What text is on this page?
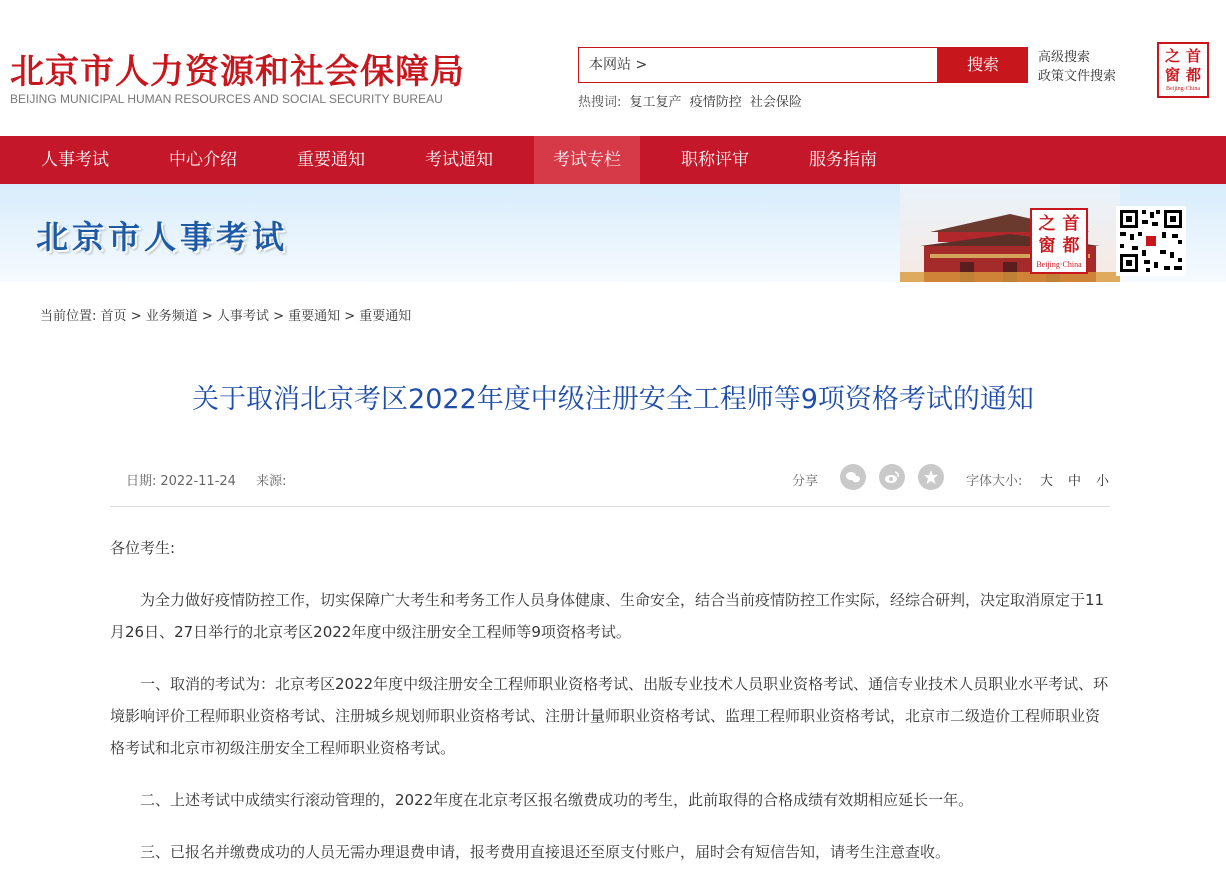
北京市人力资源和社会保障局
BEIJING MUNICIPAL HUMAN RESOURCES AND SOCIAL SECURITY BUREAU
本网站 >	搜索	高级搜索
政策文件搜索
热搜词: 复工复产 疫情防控 社会保险
之 首
窗 都
Beijing·China
人事考试	中心介绍	重要通知	考试通知	考试专栏	职称评审	服务指南
北京市人事考试	之 首
窗 都
Beijing·China
当前位置: 首页 > 业务频道 > 人事考试 > 重要通知 > 重要通知
关于取消北京考区2022年度中级注册安全工程师等9项资格考试的通知
日期: 2022-11-24 来源:	分享	字体大小: 大 中 小

各位考生:

为全力做好疫情防控工作，切实保障广大考生和考务工作人员身体健康、生命安全，结合当前疫情防控工作实际，经综合研判，决定取消原定于11月26日、27日举行的北京考区2022年度中级注册安全工程师等9项资格考试。

一、取消的考试为：北京考区2022年度中级注册安全工程师职业资格考试、出版专业技术人员职业资格考试、通信专业技术人员职业水平考试、环境影响评价工程师职业资格考试、注册城乡规划师职业资格考试、注册计量师职业资格考试、监理工程师职业资格考试，北京市二级造价工程师职业资格考试和北京市初级注册安全工程师职业资格考试。

二、上述考试中成绩实行滚动管理的，2022年度在北京考区报名缴费成功的考生，此前取得的合格成绩有效期相应延长一年。

三、已报名并缴费成功的人员无需办理退费申请，报考费用直接退还至原支付账户，届时会有短信告知，请考生注意查收。
